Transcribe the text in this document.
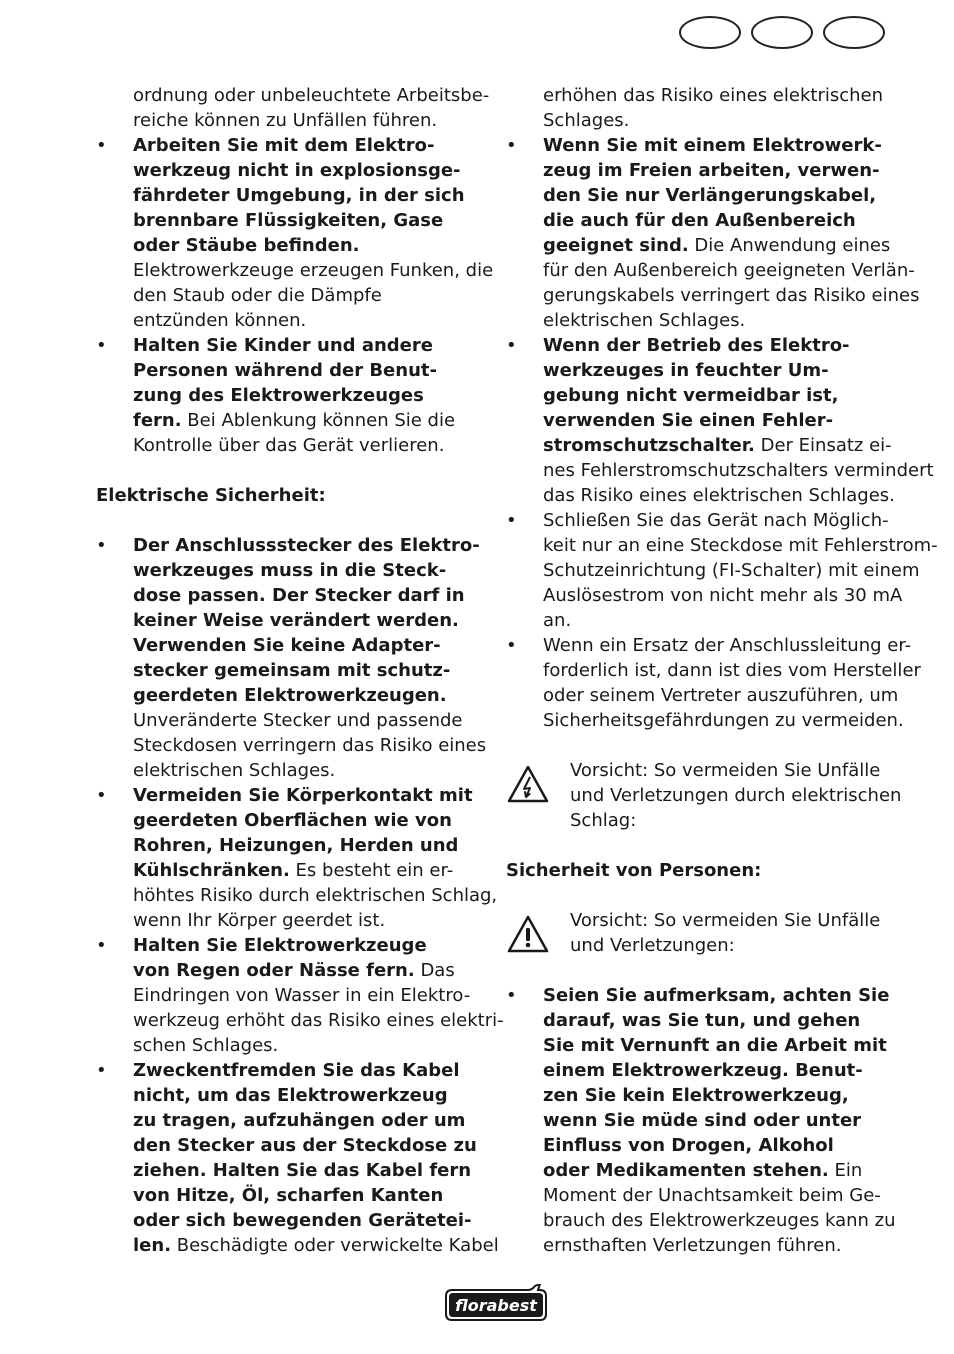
ordnung oder unbeleuchtete Arbeitsbe-
reiche können zu Unfällen führen.
• Arbeiten Sie mit dem Elektro-
werkzeug nicht in explosionsge-
fährdeter Umgebung, in der sich
brennbare Flüssigkeiten, Gase
oder Stäube befinden.
Elektrowerkzeuge erzeugen Funken, die
den Staub oder die Dämpfe
entzünden können.
• Halten Sie Kinder und andere
Personen während der Benut-
zung des Elektrowerkzeuges
fern. Bei Ablenkung können Sie die
Kontrolle über das Gerät verlieren.
Elektrische Sicherheit:
• Der Anschlussstecker des Elektro-
werkzeuges muss in die Steck-
dose passen. Der Stecker darf in
keiner Weise verändert werden.
Verwenden Sie keine Adapter-
stecker gemeinsam mit schutz-
geerdeten Elektrowerkzeugen.
Unveränderte Stecker und passende
Steckdosen verringern das Risiko eines
elektrischen Schlages.
• Vermeiden Sie Körperkontakt mit
geerdeten Oberflächen wie von
Rohren, Heizungen, Herden und
Kühlschränken. Es besteht ein er-
höhtes Risiko durch elektrischen Schlag,
wenn Ihr Körper geerdet ist.
• Halten Sie Elektrowerkzeuge
von Regen oder Nässe fern. Das
Eindringen von Wasser in ein Elektro-
werkzeug erhöht das Risiko eines elektri-
schen Schlages.
• Zweckentfremden Sie das Kabel
nicht, um das Elektrowerkzeug
zu tragen, aufzuhängen oder um
den Stecker aus der Steckdose zu
ziehen. Halten Sie das Kabel fern
von Hitze, Öl, scharfen Kanten
oder sich bewegenden Gerätetei-
len. Beschädigte oder verwickelte Kabel
erhöhen das Risiko eines elektrischen
Schlages.
• Wenn Sie mit einem Elektrowerk-
zeug im Freien arbeiten, verwen-
den Sie nur Verlängerungskabel,
die auch für den Außenbereich
geeignet sind. Die Anwendung eines
für den Außenbereich geeigneten Verlän-
gerungskabels verringert das Risiko eines
elektrischen Schlages.
• Wenn der Betrieb des Elektro-
werkzeuges in feuchter Um-
gebung nicht vermeidbar ist,
verwenden Sie einen Fehler-
stromschutzschalter. Der Einsatz ei-
nes Fehlerstromschutzschalters vermindert
das Risiko eines elektrischen Schlages.
• Schließen Sie das Gerät nach Möglich-
keit nur an eine Steckdose mit Fehlerstrom-
Schutzeinrichtung (FI-Schalter) mit einem
Auslösestrom von nicht mehr als 30 mA
an.
• Wenn ein Ersatz der Anschlussleitung er-
forderlich ist, dann ist dies vom Hersteller
oder seinem Vertreter auszuführen, um
Sicherheitsgefährdungen zu vermeiden.
Vorsicht: So vermeiden Sie Unfälle
und Verletzungen durch elektrischen
Schlag:
Sicherheit von Personen:
Vorsicht: So vermeiden Sie Unfälle
und Verletzungen:
• Seien Sie aufmerksam, achten Sie
darauf, was Sie tun, und gehen
Sie mit Vernunft an die Arbeit mit
einem Elektrowerkzeug. Benut-
zen Sie kein Elektrowerkzeug,
wenn Sie müde sind oder unter
Einfluss von Drogen, Alkohol
oder Medikamenten stehen. Ein
Moment der Unachtsamkeit beim Ge-
brauch des Elektrowerkzeuges kann zu
ernsthaften Verletzungen führen.
florabest
